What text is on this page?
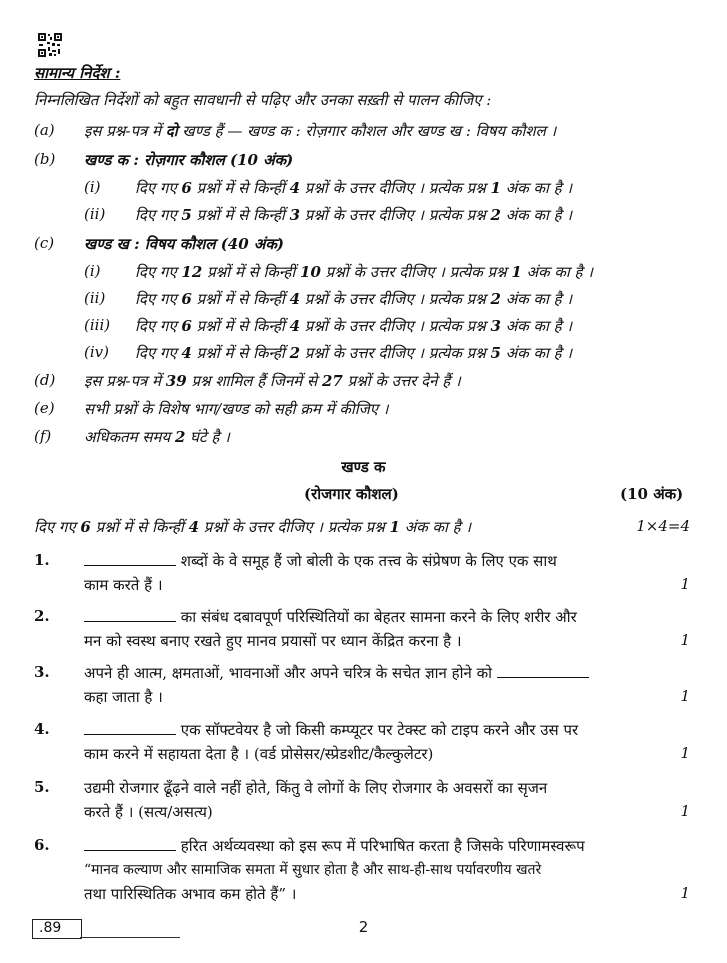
सामान्य निर्देश :
निम्नलिखित निर्देशों को बहुत सावधानी से पढ़िए और उनका सख़्ती से पालन कीजिए :
(a) इस प्रश्न-पत्र में दो खण्ड हैं — खण्ड क : रोज़गार कौशल और खण्ड ख : विषय कौशल ।
(b) खण्ड क : रोज़गार कौशल (10 अंक)
(i) दिए गए 6 प्रश्नों में से किन्हीं 4 प्रश्नों के उत्तर दीजिए । प्रत्येक प्रश्न 1 अंक का है ।
(ii) दिए गए 5 प्रश्नों में से किन्हीं 3 प्रश्नों के उत्तर दीजिए । प्रत्येक प्रश्न 2 अंक का है ।
(c) खण्ड ख : विषय कौशल (40 अंक)
(i) दिए गए 12 प्रश्नों में से किन्हीं 10 प्रश्नों के उत्तर दीजिए । प्रत्येक प्रश्न 1 अंक का है ।
(ii) दिए गए 6 प्रश्नों में से किन्हीं 4 प्रश्नों के उत्तर दीजिए । प्रत्येक प्रश्न 2 अंक का है ।
(iii) दिए गए 6 प्रश्नों में से किन्हीं 4 प्रश्नों के उत्तर दीजिए । प्रत्येक प्रश्न 3 अंक का है ।
(iv) दिए गए 4 प्रश्नों में से किन्हीं 2 प्रश्नों के उत्तर दीजिए । प्रत्येक प्रश्न 5 अंक का है ।
(d) इस प्रश्न-पत्र में 39 प्रश्न शामिल हैं जिनमें से 27 प्रश्नों के उत्तर देने हैं ।
(e) सभी प्रश्नों के विशेष भाग/खण्ड को सही क्रम में कीजिए ।
(f) अधिकतम समय 2 घंटे है ।
खण्ड क
(रोजगार कौशल)	(10 अंक)
दिए गए 6 प्रश्नों में से किन्हीं 4 प्रश्नों के उत्तर दीजिए । प्रत्येक प्रश्न 1 अंक का है ।	1×4=4
1.	शब्दों के वे समूह हैं जो बोली के एक तत्त्व के संप्रेषण के लिए एक साथ
काम करते हैं ।	1
2.	का संबंध दबावपूर्ण परिस्थितियों का बेहतर सामना करने के लिए शरीर और
मन को स्वस्थ बनाए रखते हुए मानव प्रयासों पर ध्यान केंद्रित करना है ।	1
3. अपने ही आत्म, क्षमताओं, भावनाओं और अपने चरित्र के सचेत ज्ञान होने को
कहा जाता है ।	1
4.	एक सॉफ्टवेयर है जो किसी कम्प्यूटर पर टेक्स्ट को टाइप करने और उस पर
काम करने में सहायता देता है । (वर्ड प्रोसेसर/स्प्रेडशीट/कैल्कुलेटर)	1
5. उद्यमी रोजगार ढूँढ़ने वाले नहीं होते, किंतु वे लोगों के लिए रोजगार के अवसरों का सृजन
करते हैं । (सत्य/असत्य)	1
6.	हरित अर्थव्यवस्था को इस रूप में परिभाषित करता है जिसके परिणामस्वरूप
“मानव कल्याण और सामाजिक समता में सुधार होता है और साथ-ही-साथ पर्यावरणीय खतरे
तथा पारिस्थितिक अभाव कम होते हैं” ।	1
.89	2
